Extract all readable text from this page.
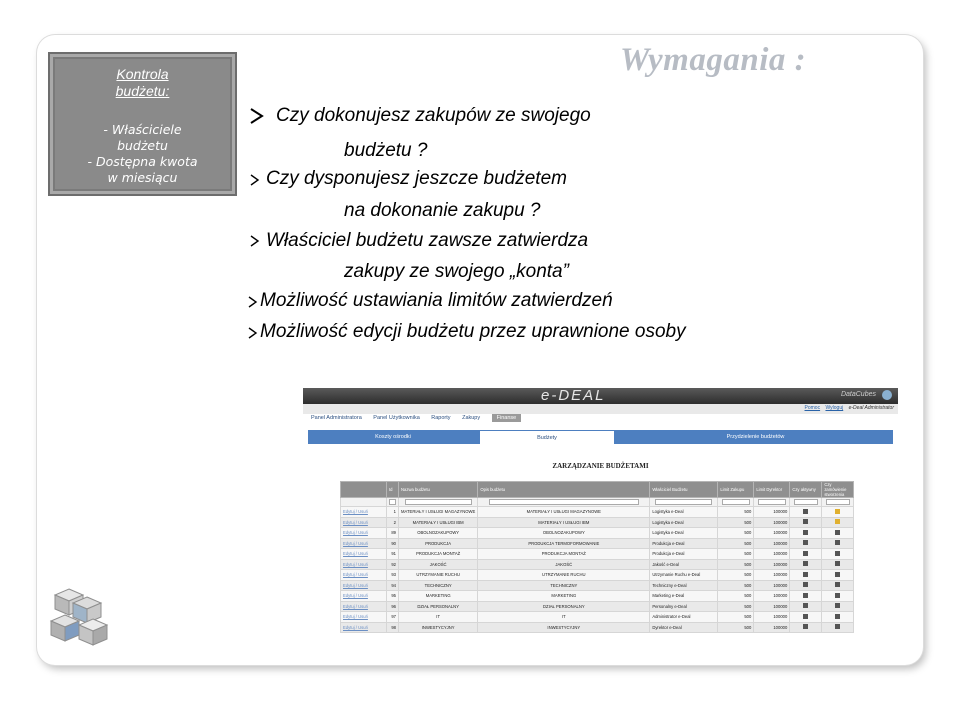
Kontrola
budżetu:
- Właściciele
budżetu
- Dostępna kwota
w miesiącu
Wymagania :
Czy dokonujesz zakupów ze swojego
budżetu ?
Czy dysponujesz jeszcze budżetem
na dokonanie zakupu ?
Właściciel budżetu zawsze zatwierdza
zakupy ze swojego „konta”
Możliwość ustawiania limitów zatwierdzeń
Możliwość edycji budżetu przez uprawnione osoby
e-DEAL	DataCubes
Pomoc Wyloguj e-Deal Administrator
Panel Administratora Panel Użytkownika Raporty Zakupy	Finanse
Koszty ośrodki	Budżety	Przydzielenie budżetów
ZARZĄDZANIE BUDŻETAMI
	Id	Nazwa budżetu	Opis budżetu	Właściciel Budżetu	Limit Zakupu	Limit Dyrektor	Czy aktywny	Czy zamówienie stworzenia

Edytuj / Usuń	1	MATERIAŁY I USŁUGI MAGAZYNOWE	MATERIAŁY I USŁUGI MAGAZYNOWE	Logistyka e-Deal	500	100000		
Edytuj / Usuń	2	MATERIAŁY I USŁUGI IBM	MATERIAŁY I USŁUGI IBM	Logistyka e-Deal	500	100000		
Edytuj / Usuń	89	OBOLNOZAKUPOWY	OBOLNOZAKUPOWY	Logistyka e-Deal	500	100000		
Edytuj / Usuń	90	PRODUKCJA	PRODUKCJA TERMOFORMOWANIE	Produkcja e-Deal	500	100000		
Edytuj / Usuń	91	PRODUKCJA MONTAŻ	PRODUKCJA MONTAŻ	Produkcja e-Deal	500	100000		
Edytuj / Usuń	92	JAKOŚĆ	JAKOŚĆ	Jakość e-Deal	500	100000		
Edytuj / Usuń	93	UTRZYMANIE RUCHU	UTRZYMANIE RUCHU	Utrzymanie Ruchu e-Deal	500	100000		
Edytuj / Usuń	94	TECHNICZNY	TECHNICZNY	Techniczny e-Deal	500	100000		
Edytuj / Usuń	95	MARKETING	MARKETING	Marketing e-Deal	500	100000		
Edytuj / Usuń	96	DZIAŁ PERSONALNY	DZIAŁ PERSONALNY	Personalny e-Deal	500	100000		
Edytuj / Usuń	97	IT	IT	Administrator e-Deal	500	100000		
Edytuj / Usuń	98	INWESTYCYJNY	INWESTYCYJNY	Dyrektor e-Deal	500	100000		
